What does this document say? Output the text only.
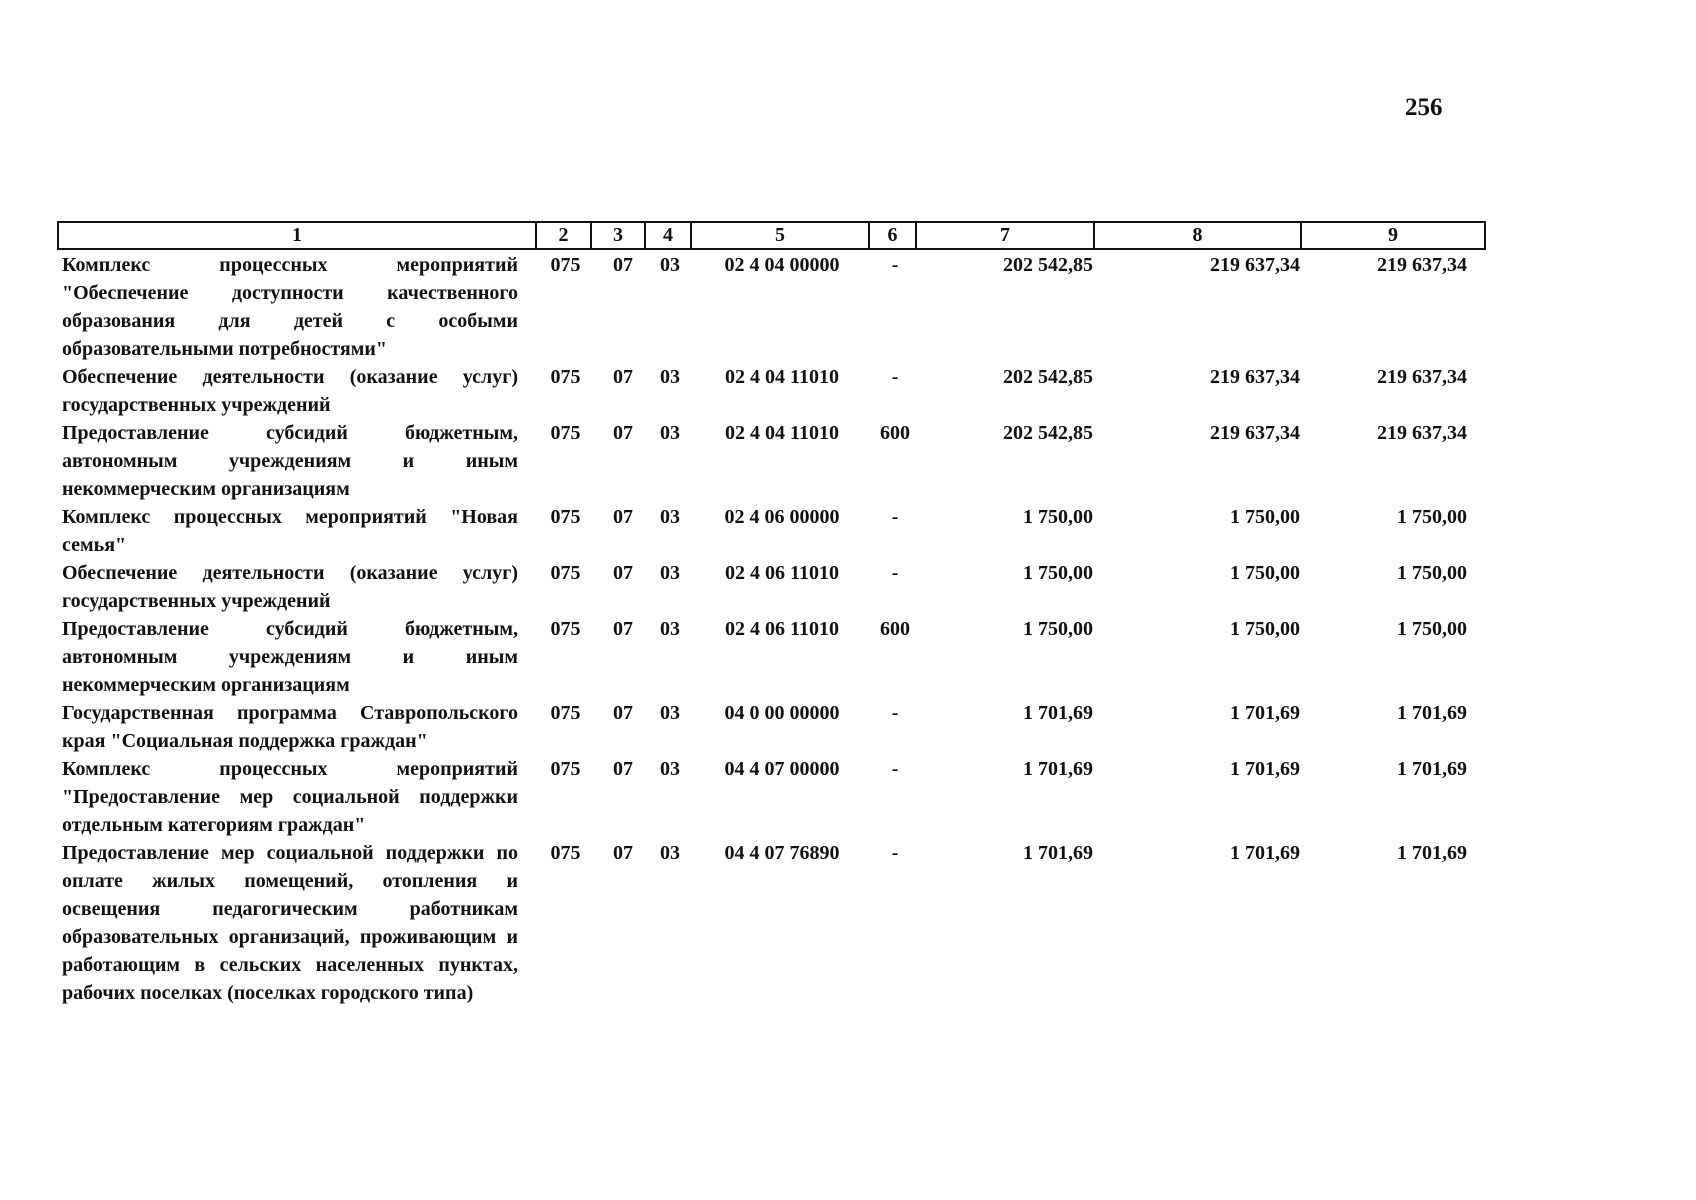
256
1	2	3	4	5	6	7	8	9
Комплекс процессных мероприятий "Обеспечение доступности качественного образования для детей с особыми образовательными потребностями"
075	07	03	02 4 04 00000	-	202 542,85	219 637,34	219 637,34
Обеспечение деятельности (оказание услуг) государственных учреждений
075	07	03	02 4 04 11010	-	202 542,85	219 637,34	219 637,34
Предоставление субсидий бюджетным, автономным учреждениям и иным некоммерческим организациям
075	07	03	02 4 04 11010	600	202 542,85	219 637,34	219 637,34
Комплекс процессных мероприятий "Новая семья"
075	07	03	02 4 06 00000	-	1 750,00	1 750,00	1 750,00
Обеспечение деятельности (оказание услуг) государственных учреждений
075	07	03	02 4 06 11010	-	1 750,00	1 750,00	1 750,00
Предоставление субсидий бюджетным, автономным учреждениям и иным некоммерческим организациям
075	07	03	02 4 06 11010	600	1 750,00	1 750,00	1 750,00
Государственная программа Ставропольского края "Социальная поддержка граждан"
075	07	03	04 0 00 00000	-	1 701,69	1 701,69	1 701,69
Комплекс процессных мероприятий "Предоставление мер социальной поддержки отдельным категориям граждан"
075	07	03	04 4 07 00000	-	1 701,69	1 701,69	1 701,69
Предоставление мер социальной поддержки по оплате жилых помещений, отопления и освещения педагогическим работникам образовательных организаций, проживающим и работающим в сельских населенных пунктах, рабочих поселках (поселках городского типа)
075	07	03	04 4 07 76890	-	1 701,69	1 701,69	1 701,69
